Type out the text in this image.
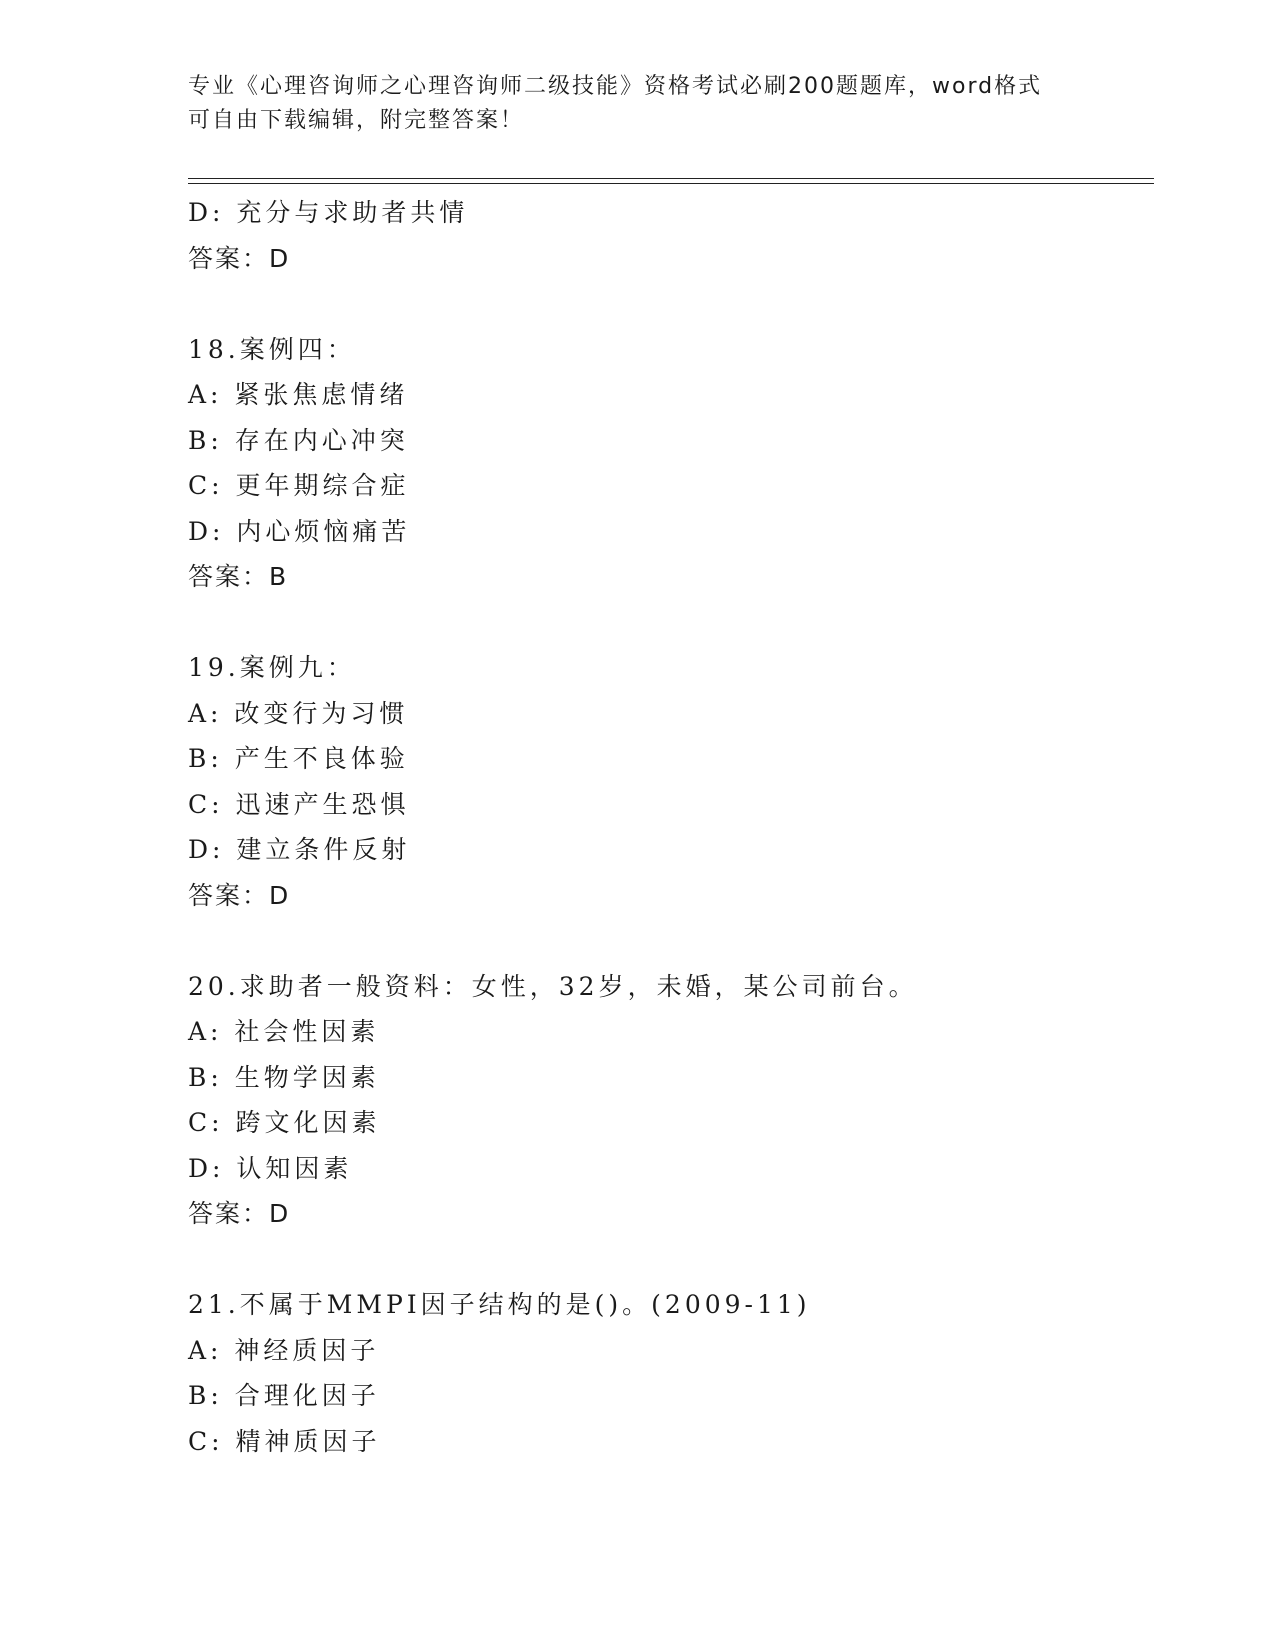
专业《心理咨询师之心理咨询师二级技能》资格考试必刷200题题库，word格式
可自由下载编辑，附完整答案！
D: 充分与求助者共情
答案：D
18.案例四：
A: 紧张焦虑情绪
B: 存在内心冲突
C: 更年期综合症
D: 内心烦恼痛苦
答案：B
19.案例九：
A: 改变行为习惯
B: 产生不良体验
C: 迅速产生恐惧
D: 建立条件反射
答案：D
20.求助者一般资料：女性，32岁，未婚，某公司前台。
A: 社会性因素
B: 生物学因素
C: 跨文化因素
D: 认知因素
答案：D
21.不属于MMPI因子结构的是()。(2009-11)
A: 神经质因子
B: 合理化因子
C: 精神质因子
